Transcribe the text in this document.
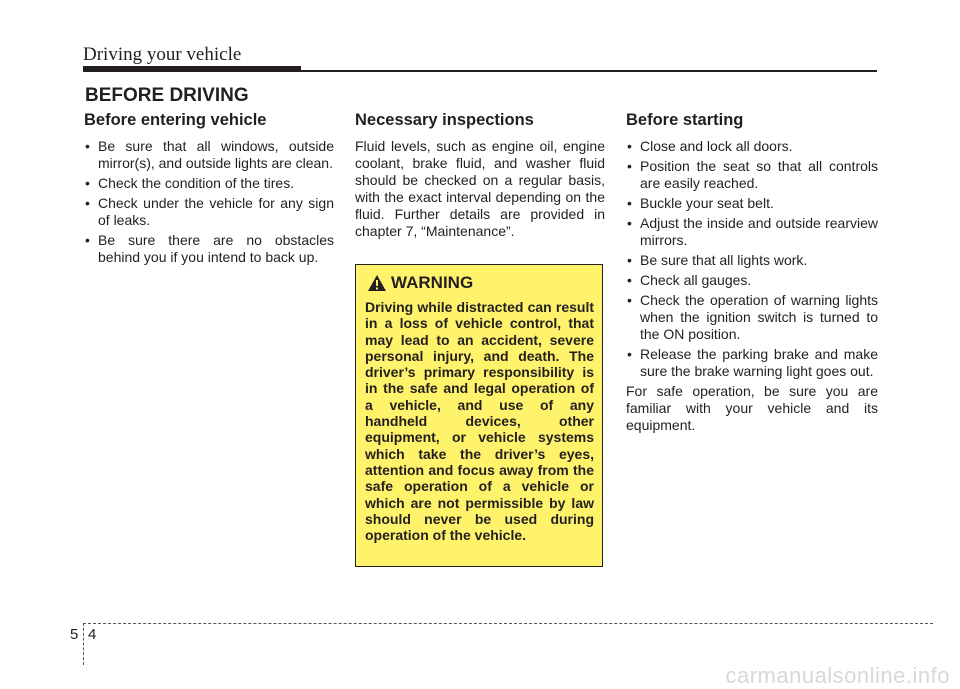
Driving your vehicle
BEFORE DRIVING
Before entering vehicle
• Be sure that all windows, outside mirror(s), and outside lights are clean.
• Check the condition of the tires.
• Check under the vehicle for any sign of leaks.
• Be sure there are no obstacles behind you if you intend to back up.
Necessary inspections

Fluid levels, such as engine oil, engine coolant, brake fluid, and washer fluid should be checked on a regular basis, with the exact interval depending on the fluid. Further details are provided in chapter 7, “Maintenance”.

WARNING

Driving while distracted can result in a loss of vehicle control, that may lead to an accident, severe personal injury, and death. The driver’s primary responsibility is in the safe and legal operation of a vehicle, and use of any handheld devices, other equipment, or vehicle systems which take the driver’s eyes, attention and focus away from the safe operation of a vehicle or which are not permissible by law should never be used during operation of the vehicle.

Before starting
• Close and lock all doors.
• Position the seat so that all controls are easily reached.
• Buckle your seat belt.
• Adjust the inside and outside rearview mirrors.
• Be sure that all lights work.
• Check all gauges.
• Check the operation of warning lights when the ignition switch is turned to the ON position.
• Release the parking brake and make sure the brake warning light goes out.

For safe operation, be sure you are familiar with your vehicle and its equipment.

5 4
carmanualsonline.info
